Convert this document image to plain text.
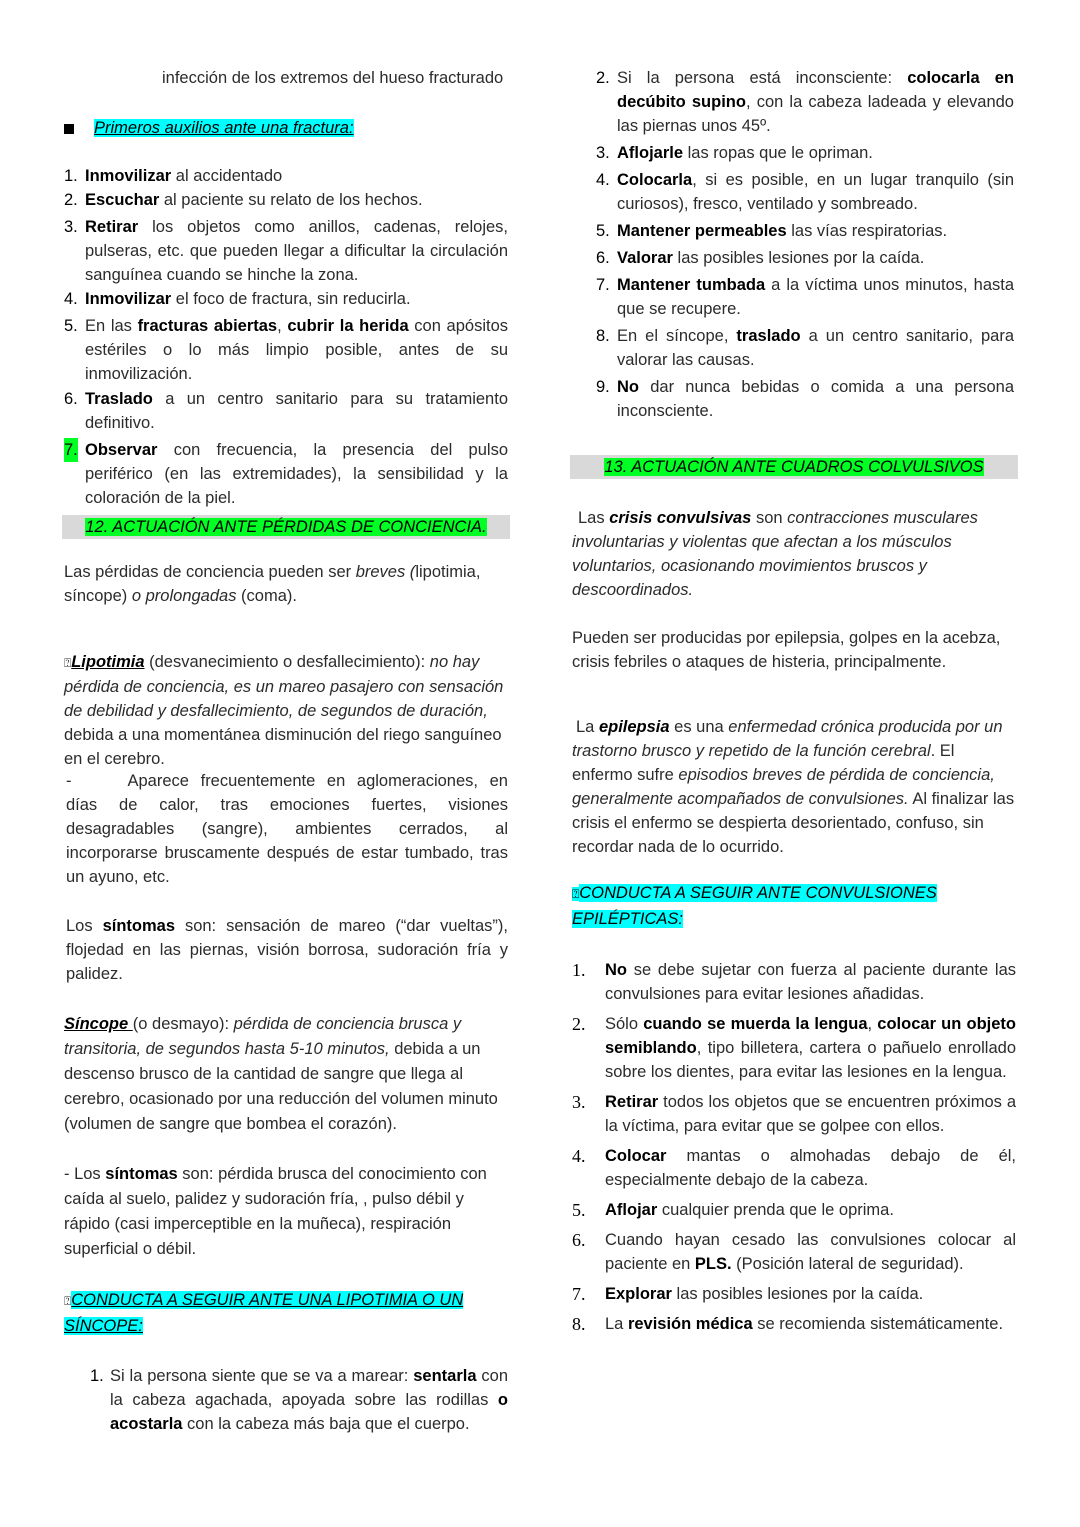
infección de los extremos del hueso fracturado
Primeros auxilios ante una fractura:
1. Inmovilizar al accidentado
2. Escuchar al paciente su relato de los hechos.
3. Retirar los objetos como anillos, cadenas, relojes, pulseras, etc. que pueden llegar a dificultar la circulación sanguínea cuando se hinche la zona.
4. Inmovilizar el foco de fractura, sin reducirla.
5. En las fracturas abiertas, cubrir la herida con apósitos estériles o lo más limpio posible, antes de su inmovilización.
6. Traslado a un centro sanitario para su tratamiento definitivo.
7. Observar con frecuencia, la presencia del pulso periférico (en las extremidades), la sensibilidad y la coloración de la piel.
12. ACTUACIÓN ANTE PÉRDIDAS DE CONCIENCIA.
Las pérdidas de conciencia pueden ser breves (lipotimia, síncope) o prolongadas (coma).
⍰Lipotimia (desvanecimiento o desfallecimiento): no hay pérdida de conciencia, es un mareo pasajero con sensación de debilidad y desfallecimiento, de segundos de duración, debida a una momentánea disminución del riego sanguíneo en el cerebro.
-	Aparece frecuentemente en aglomeraciones, en días de calor, tras emociones fuertes, visiones desagradables (sangre), ambientes cerrados, al incorporarse bruscamente después de estar tumbado, tras un ayuno, etc.
Los síntomas son: sensación de mareo (“dar vueltas”), flojedad en las piernas, visión borrosa, sudoración fría y palidez.
Síncope (o desmayo): pérdida de conciencia brusca y transitoria, de segundos hasta 5-10 minutos, debida a un descenso brusco de la cantidad de sangre que llega al cerebro, ocasionado por una reducción del volumen minuto (volumen de sangre que bombea el corazón).
- Los síntomas son: pérdida brusca del conocimiento con caída al suelo, palidez y sudoración fría, , pulso débil y rápido (casi imperceptible en la muñeca), respiración superficial o débil.
⍰CONDUCTA A SEGUIR ANTE UNA LIPOTIMIA O UN SÍNCOPE:
1. Si la persona siente que se va a marear: sentarla con la cabeza agachada, apoyada sobre las rodillas o acostarla con la cabeza más baja que el cuerpo.
2. Si la persona está inconsciente: colocarla en decúbito supino, con la cabeza ladeada y elevando las piernas unos 45º.
3. Aflojarle las ropas que le opriman.
4. Colocarla, si es posible, en un lugar tranquilo (sin curiosos), fresco, ventilado y sombreado.
5. Mantener permeables las vías respiratorias.
6. Valorar las posibles lesiones por la caída.
7. Mantener tumbada a la víctima unos minutos, hasta que se recupere.
8. En el síncope, traslado a un centro sanitario, para valorar las causas.
9. No dar nunca bebidas o comida a una persona inconsciente.
13. ACTUACIÓN ANTE CUADROS COLVULSIVOS
Las crisis convulsivas son contracciones musculares involuntarias y violentas que afectan a los músculos voluntarios, ocasionando movimientos bruscos y descoordinados.
Pueden ser producidas por epilepsia, golpes en la acebza, crisis febriles o ataques de histeria, principalmente.
La epilepsia es una enfermedad crónica producida por un trastorno brusco y repetido de la función cerebral. El enfermo sufre episodios breves de pérdida de conciencia, generalmente acompañados de convulsiones. Al finalizar las crisis el enfermo se despierta desorientado, confuso, sin recordar nada de lo ocurrido.
⍰CONDUCTA A SEGUIR ANTE CONVULSIONES EPILÉPTICAS:
1. No se debe sujetar con fuerza al paciente durante las convulsiones para evitar lesiones añadidas.
2. Sólo cuando se muerda la lengua, colocar un objeto semiblando, tipo billetera, cartera o pañuelo enrollado sobre los dientes, para evitar las lesiones en la lengua.
3. Retirar todos los objetos que se encuentren próximos a la víctima, para evitar que se golpee con ellos.
4. Colocar mantas o almohadas debajo de él, especialmente debajo de la cabeza.
5. Aflojar cualquier prenda que le oprima.
6. Cuando hayan cesado las convulsiones colocar al paciente en PLS. (Posición lateral de seguridad).
7. Explorar las posibles lesiones por la caída.
8. La revisión médica se recomienda sistemáticamente.
